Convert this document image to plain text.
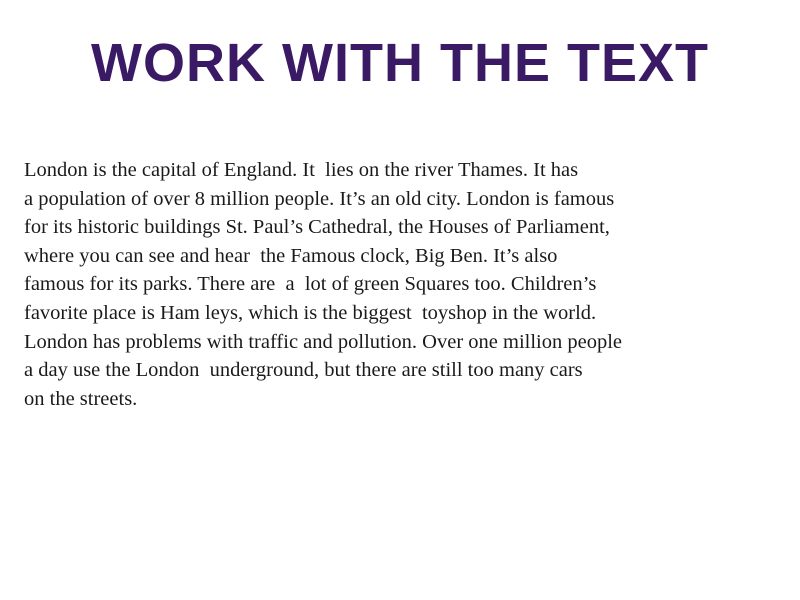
WORK WITH THE TEXT
London is the capital of England. It  lies on the river Thames. It has
a population of over 8 million people. It’s an old city. London is famous
for its historic buildings St. Paul’s Cathedral, the Houses of Parliament,
where you can see and hear  the Famous clock, Big Ben. It’s also
famous for its parks. There are  a  lot of green Squares too. Children’s
favorite place is Ham leys, which is the biggest  toyshop in the world.
London has problems with traffic and pollution. Over one million people
a day use the London  underground, but there are still too many cars
on the streets.
